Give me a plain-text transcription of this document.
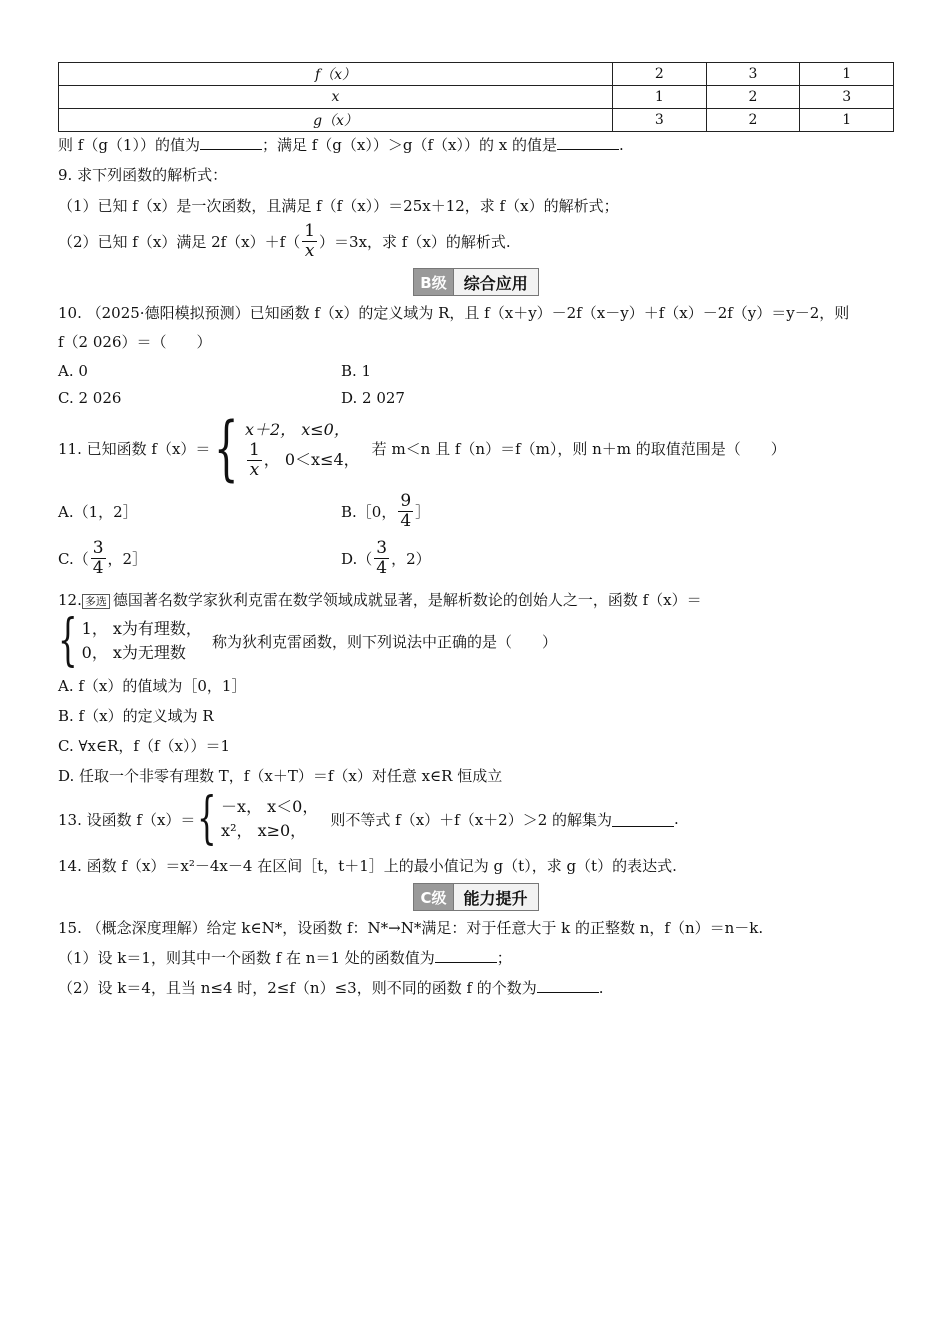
f（x）	2	3	1
x	1	2	3
g（x）	3	2	1
则 f（g（1））的值为	；满足 f（g（x））＞g（f（x））的 x 的值是	.
9. 求下列函数的解析式：
（1）已知 f（x）是一次函数，且满足 f（f（x））＝25x＋12，求 f（x）的解析式；
（2）已知 f（x）满足 $2f(x)+f( \frac{1}{x} )=3x$，求 f（x）的解析式.
B级	综合应用
10. （2025·德阳模拟预测）已知函数 f（x）的定义域为 R，且 f（x＋y）－2f（x－y）＋f（x）－2f（y）＝y－2，则
f（2 026）＝（　　）
A. 0	B. 1
C. 2 026	D. 2 027
11. 已知函数 f（x）＝ { x＋2， x≤0，
$\frac{1}{x}$ ， 0＜x≤4，
若 m＜n 且 f（n）＝f（m），则 n＋m 的取值范围是（　　）
A.（1，2］	B.［0， $\frac{9}{4}$ ］
$C.( \frac{3}{4}$ ，2］	$D.( \frac{3}{4}$ ，2）
12. 多选 德国著名数学家狄利克雷在数学领域成就显著，是解析数论的创始人之一，函数 f（x）＝
{ 1， x为有理数，
0， x为无理数
称为狄利克雷函数，则下列说法中正确的是（　　）
A. f（x）的值域为［0，1］
B. f（x）的定义域为 R
C. ∀x∈R，f（f（x））＝1
D. 任取一个非零有理数 T，f（x＋T）＝f（x）对任意 x∈R 恒成立
13. 设函数 f（x）＝ { －x， x＜0，
x²， x≥0，
则不等式 f（x）＋f（x＋2）＞2 的解集为	.
14. 函数 f（x）＝x²－4x－4 在区间［t，t＋1］上的最小值记为 g（t），求 g（t）的表达式.
C级	能力提升
15. （概念深度理解）给定 k∈N*，设函数 f：N*→N*满足：对于任意大于 k 的正整数 n，f（n）＝n－k.
（1）设 k＝1，则其中一个函数 f 在 n＝1 处的函数值为	；
（2）设 k＝4，且当 n≤4 时，2≤f（n）≤3，则不同的函数 f 的个数为	.
